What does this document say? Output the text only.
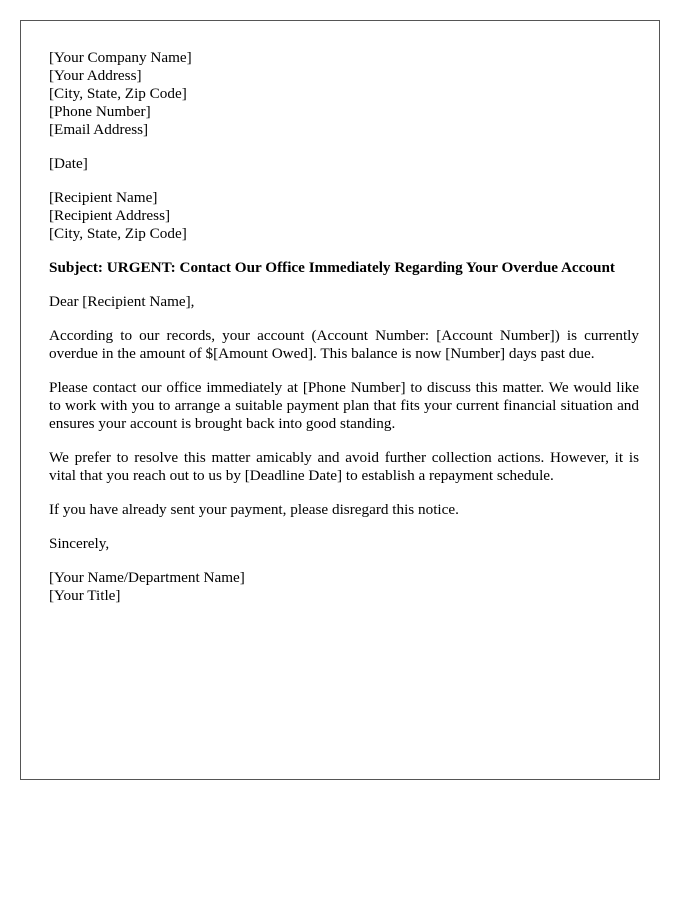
[Your Company Name]
[Your Address]
[City, State, Zip Code]
[Phone Number]
[Email Address]
[Date]
[Recipient Name]
[Recipient Address]
[City, State, Zip Code]

Subject: URGENT: Contact Our Office Immediately Regarding Your Overdue Account

Dear [Recipient Name],

According to our records, your account (Account Number: [Account Number]) is currently overdue in the amount of $[Amount Owed]. This balance is now [Number] days past due.

Please contact our office immediately at [Phone Number] to discuss this matter. We would like to work with you to arrange a suitable payment plan that fits your current financial situation and ensures your account is brought back into good standing.

We prefer to resolve this matter amicably and avoid further collection actions. However, it is vital that you reach out to us by [Deadline Date] to establish a repayment schedule.

If you have already sent your payment, please disregard this notice.

Sincerely,

[Your Name/Department Name]
[Your Title]
